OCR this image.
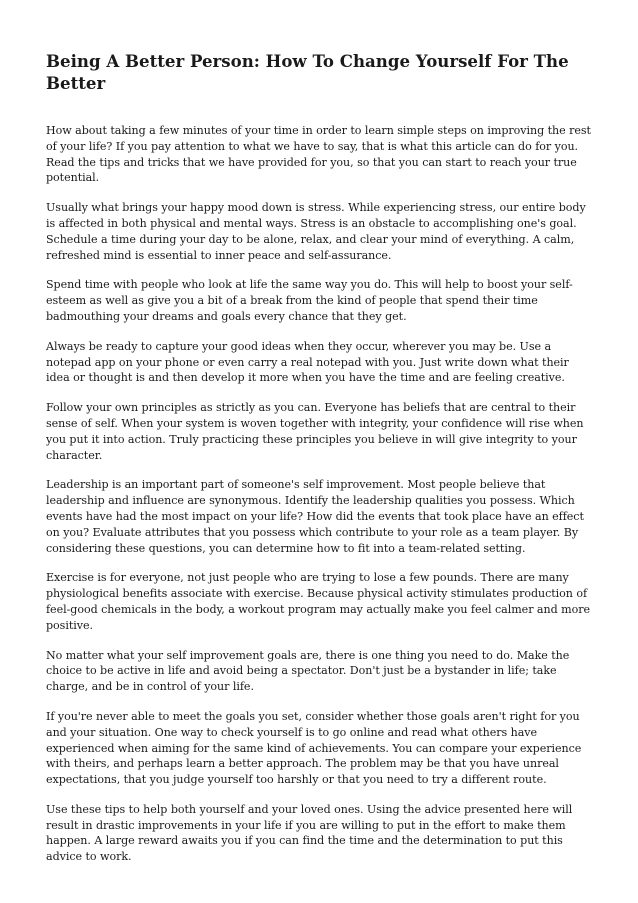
Being A Better Person: How To Change Yourself For The Better

How about taking a few minutes of your time in order to learn simple steps on improving the rest of your life? If you pay attention to what we have to say, that is what this article can do for you. Read the tips and tricks that we have provided for you, so that you can start to reach your true potential.

Usually what brings your happy mood down is stress. While experiencing stress, our entire body is affected in both physical and mental ways. Stress is an obstacle to accomplishing one's goal. Schedule a time during your day to be alone, relax, and clear your mind of everything. A calm, refreshed mind is essential to inner peace and self-assurance.

Spend time with people who look at life the same way you do. This will help to boost your self-esteem as well as give you a bit of a break from the kind of people that spend their time badmouthing your dreams and goals every chance that they get.

Always be ready to capture your good ideas when they occur, wherever you may be. Use a notepad app on your phone or even carry a real notepad with you. Just write down what their idea or thought is and then develop it more when you have the time and are feeling creative.

Follow your own principles as strictly as you can. Everyone has beliefs that are central to their sense of self. When your system is woven together with integrity, your confidence will rise when you put it into action. Truly practicing these principles you believe in will give integrity to your character.

Leadership is an important part of someone's self improvement. Most people believe that leadership and influence are synonymous. Identify the leadership qualities you possess. Which events have had the most impact on your life? How did the events that took place have an effect on you? Evaluate attributes that you possess which contribute to your role as a team player. By considering these questions, you can determine how to fit into a team-related setting.

Exercise is for everyone, not just people who are trying to lose a few pounds. There are many physiological benefits associate with exercise. Because physical activity stimulates production of feel-good chemicals in the body, a workout program may actually make you feel calmer and more positive.

No matter what your self improvement goals are, there is one thing you need to do. Make the choice to be active in life and avoid being a spectator. Don't just be a bystander in life; take charge, and be in control of your life.

If you're never able to meet the goals you set, consider whether those goals aren't right for you and your situation. One way to check yourself is to go online and read what others have experienced when aiming for the same kind of achievements. You can compare your experience with theirs, and perhaps learn a better approach. The problem may be that you have unreal expectations, that you judge yourself too harshly or that you need to try a different route.

Use these tips to help both yourself and your loved ones. Using the advice presented here will result in drastic improvements in your life if you are willing to put in the effort to make them happen. A large reward awaits you if you can find the time and the determination to put this advice to work.
